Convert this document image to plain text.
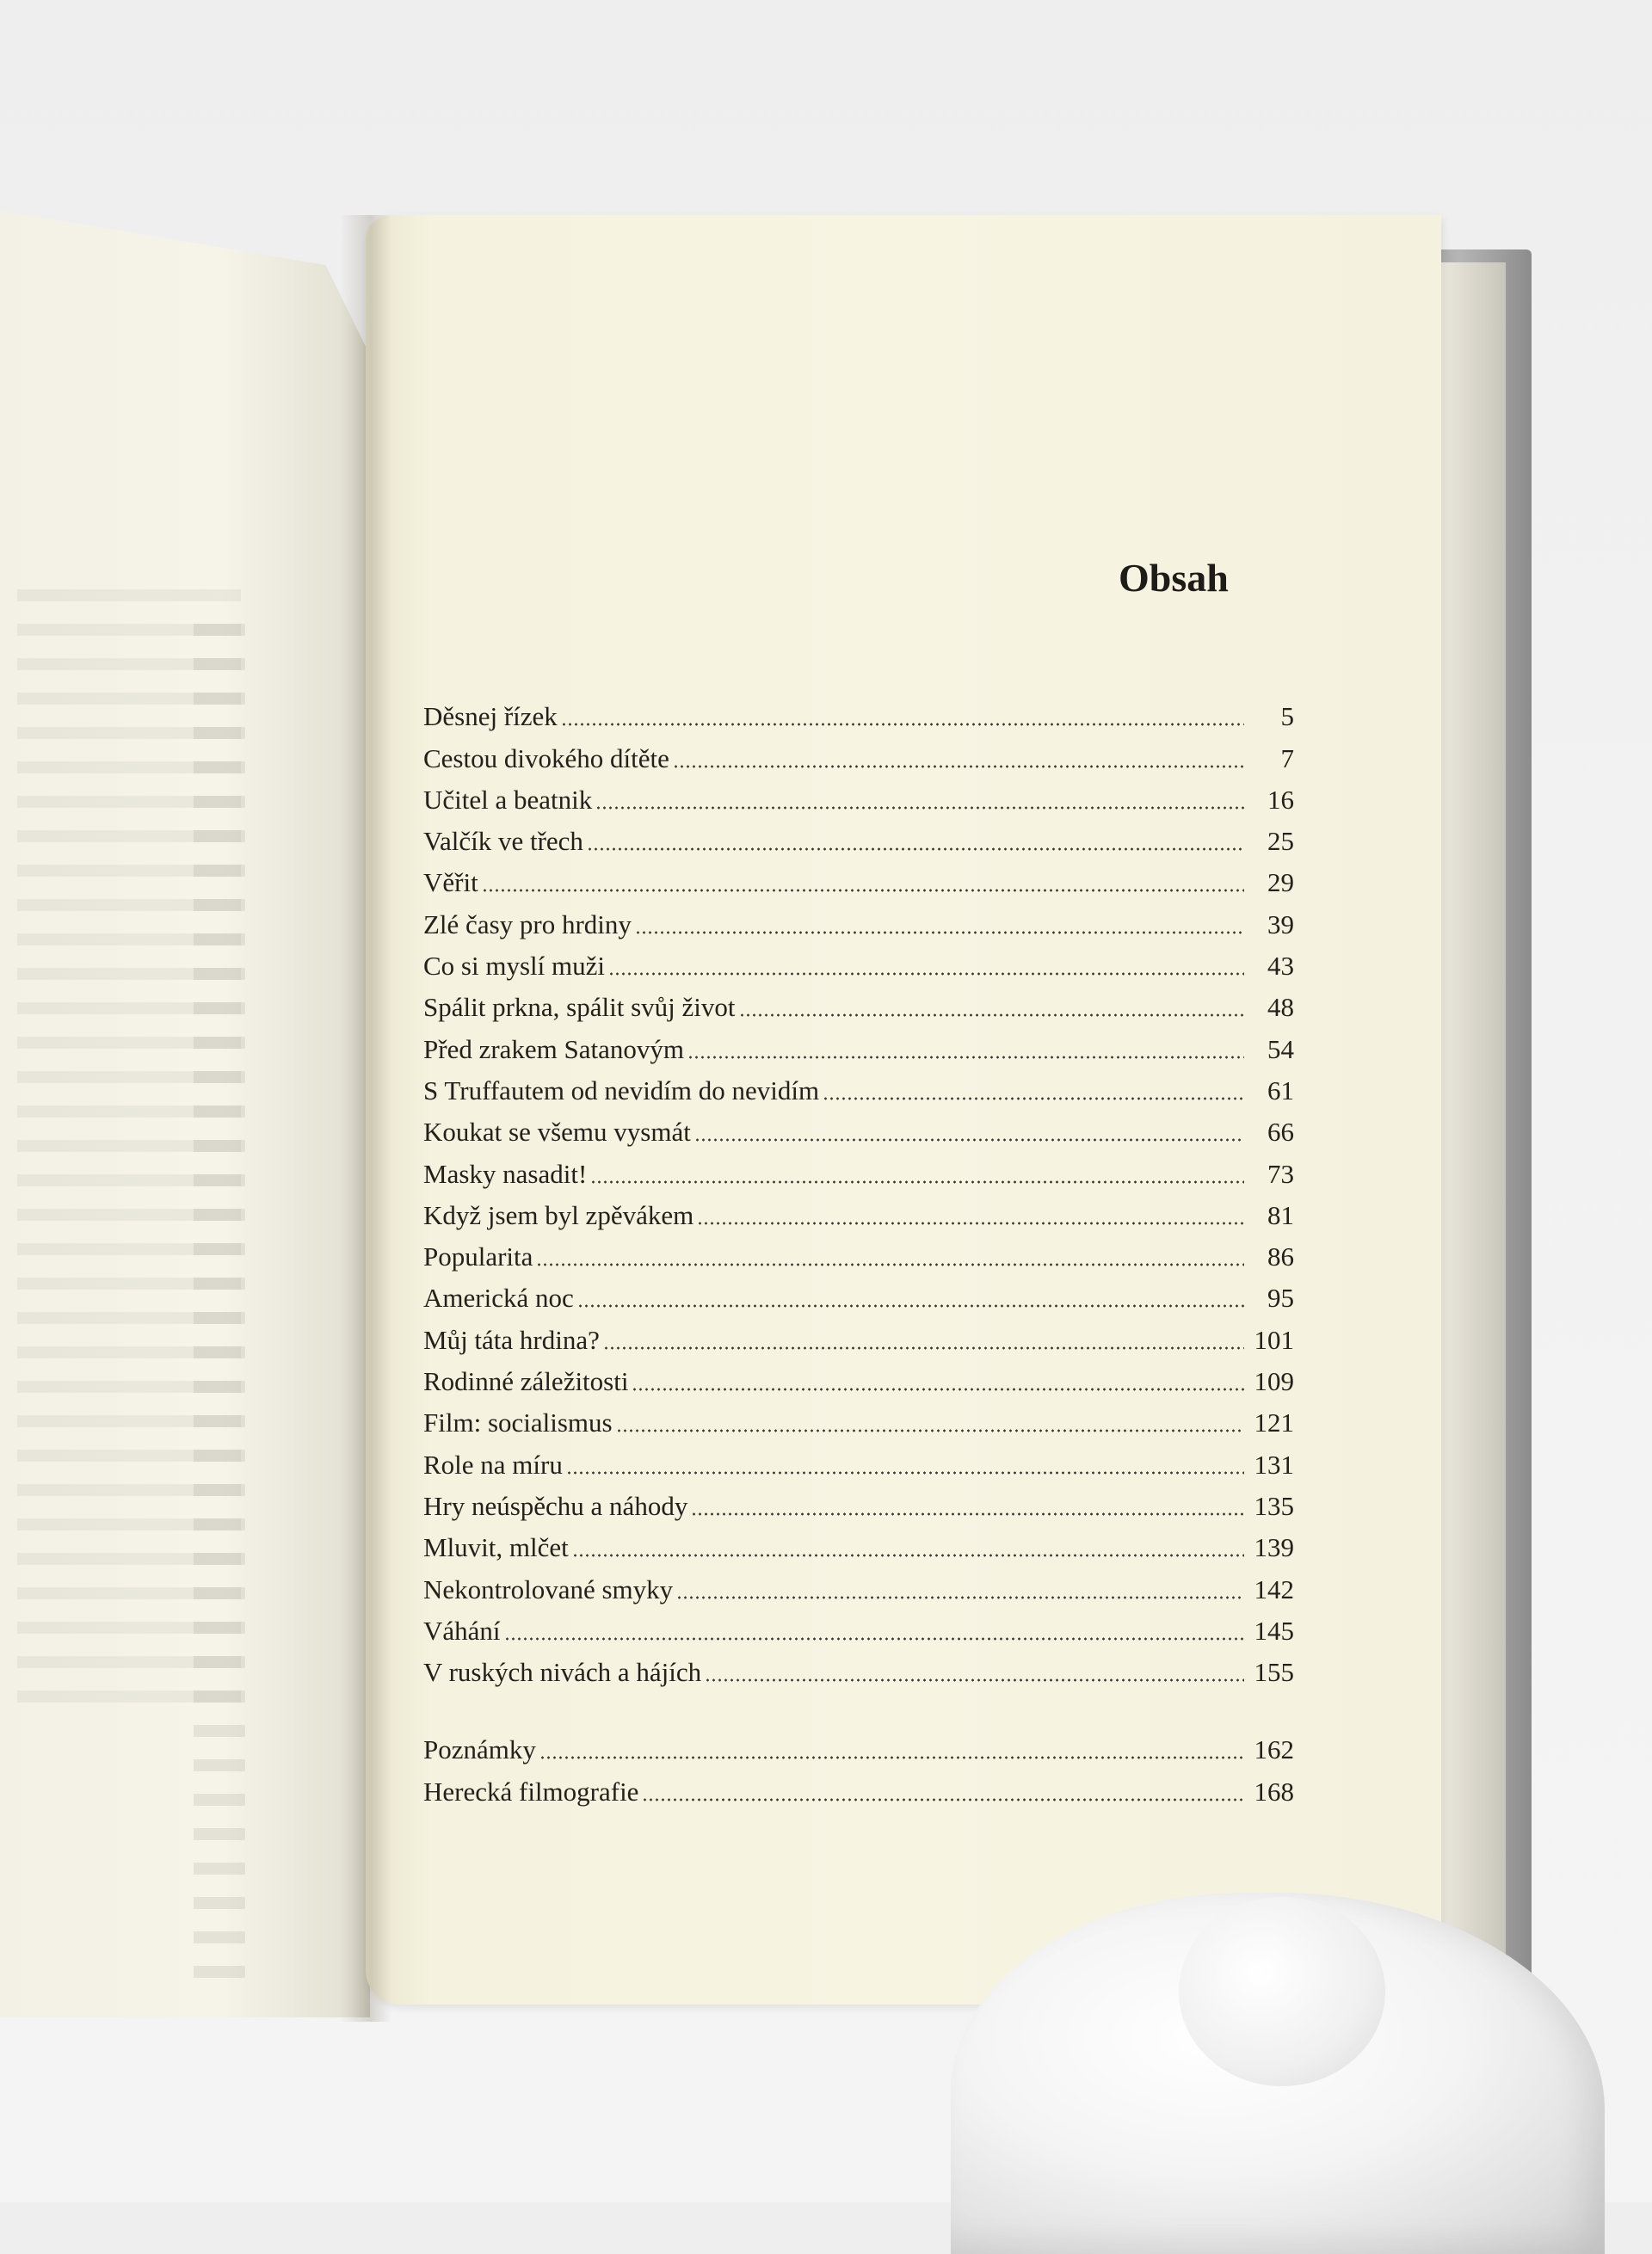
Obsah
Děsnej řízek	5
Cestou divokého dítěte	7
Učitel a beatnik	16
Valčík ve třech	25
Věřit	29
Zlé časy pro hrdiny	39
Co si myslí muži	43
Spálit prkna, spálit svůj život	48
Před zrakem Satanovým	54
S Truffautem od nevidím do nevidím	61
Koukat se všemu vysmát	66
Masky nasadit!	73
Když jsem byl zpěvákem	81
Popularita	86
Americká noc	95
Můj táta hrdina?	101
Rodinné záležitosti	109
Film: socialismus	121
Role na míru	131
Hry neúspěchu a náhody	135
Mluvit, mlčet	139
Nekontrolované smyky	142
Váhání	145
V ruských nivách a hájích	155
Poznámky	162
Herecká filmografie	168
